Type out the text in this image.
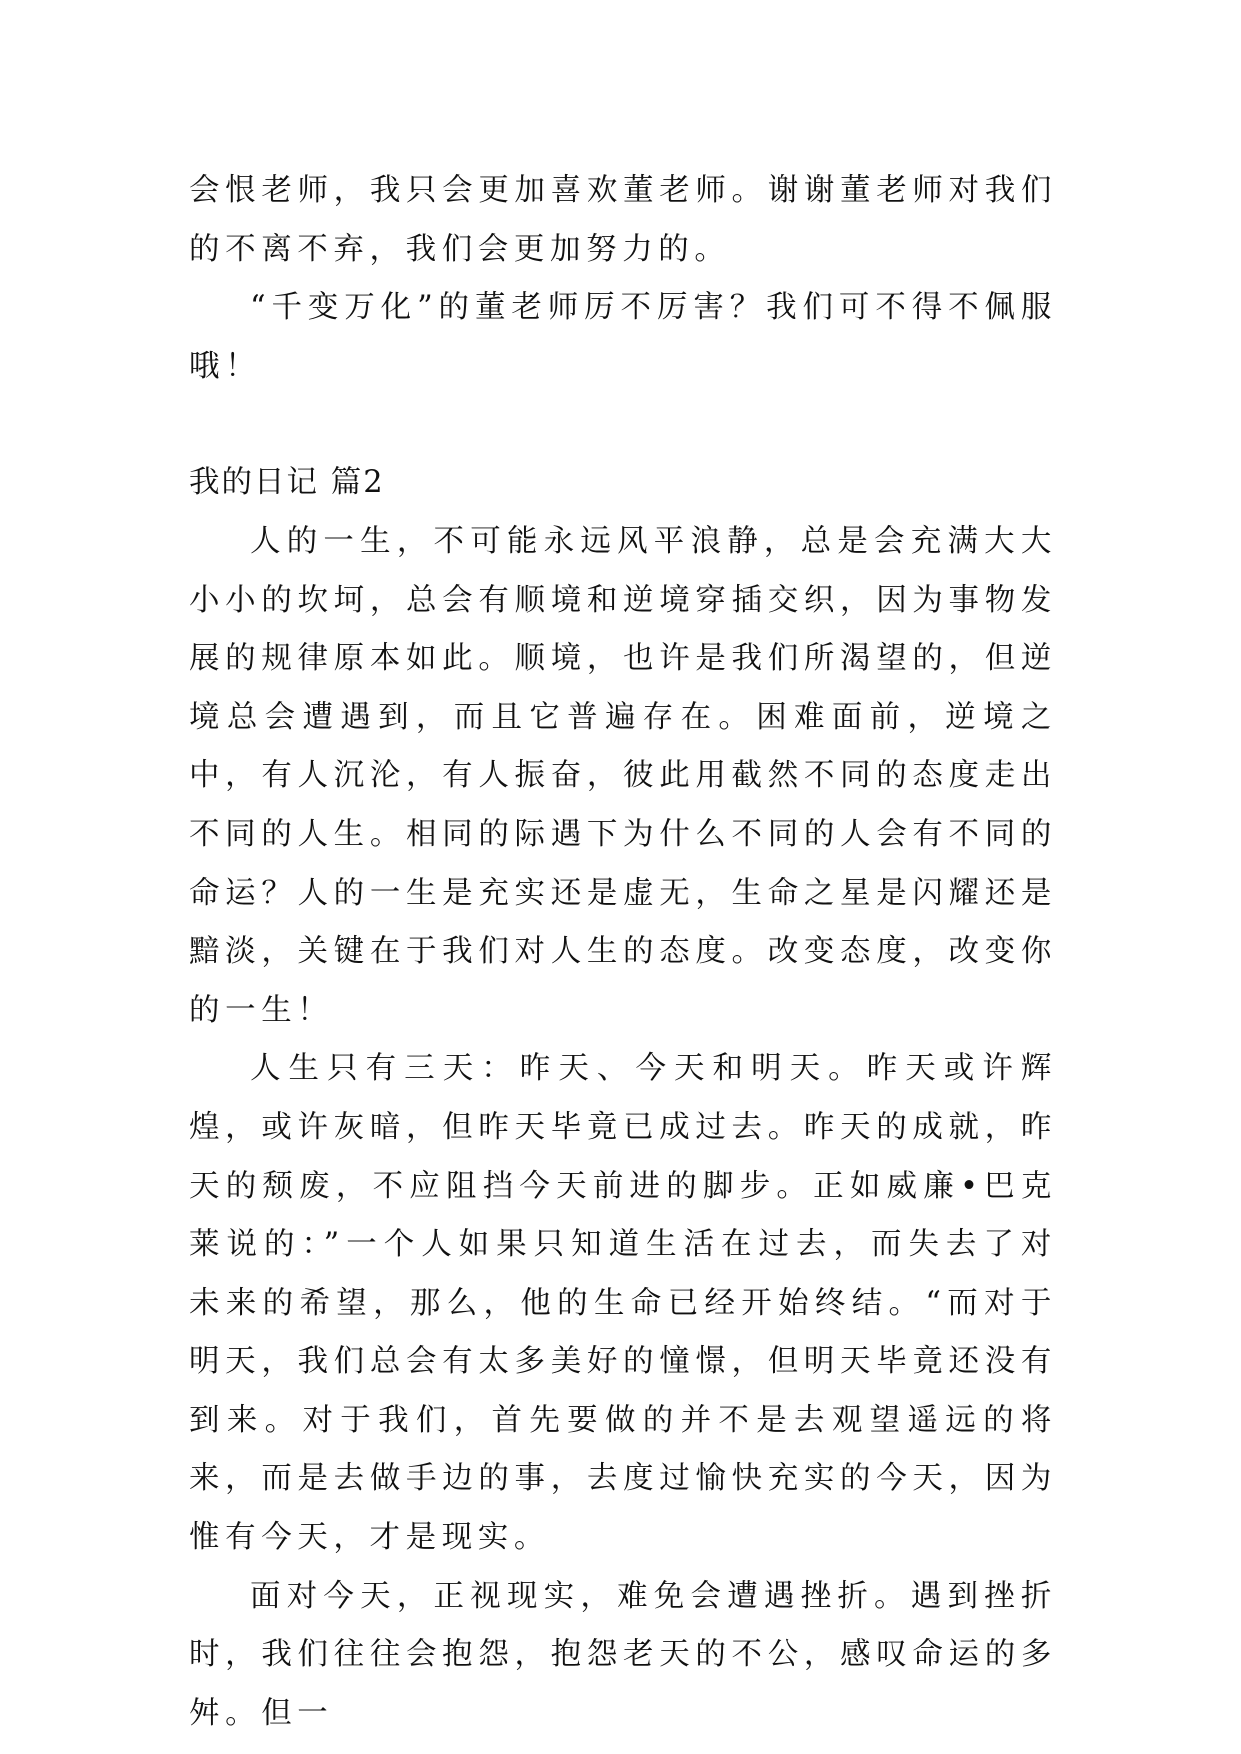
会恨老师，我只会更加喜欢董老师。谢谢董老师对我们的不离不弃，我们会更加努力的。

“千变万化”的董老师厉不厉害？我们可不得不佩服哦！

我的日记 篇2

人的一生，不可能永远风平浪静，总是会充满大大小小的坎坷，总会有顺境和逆境穿插交织，因为事物发展的规律原本如此。顺境，也许是我们所渴望的，但逆境总会遭遇到，而且它普遍存在。困难面前，逆境之中，有人沉沦，有人振奋，彼此用截然不同的态度走出不同的人生。相同的际遇下为什么不同的人会有不同的命运？人的一生是充实还是虚无，生命之星是闪耀还是黯淡，关键在于我们对人生的态度。改变态度，改变你的一生！

人生只有三天：昨天、今天和明天。昨天或许辉煌，或许灰暗，但昨天毕竟已成过去。昨天的成就，昨天的颓废，不应阻挡今天前进的脚步。正如威廉•巴克莱说的：”一个人如果只知道生活在过去，而失去了对未来的希望，那么，他的生命已经开始终结。“而对于明天，我们总会有太多美好的憧憬，但明天毕竟还没有到来。对于我们，首先要做的并不是去观望遥远的将来，而是去做手边的事，去度过愉快充实的今天，因为惟有今天，才是现实。

面对今天，正视现实，难免会遭遇挫折。遇到挫折时，我们往往会抱怨，抱怨老天的不公，感叹命运的多舛。但一
